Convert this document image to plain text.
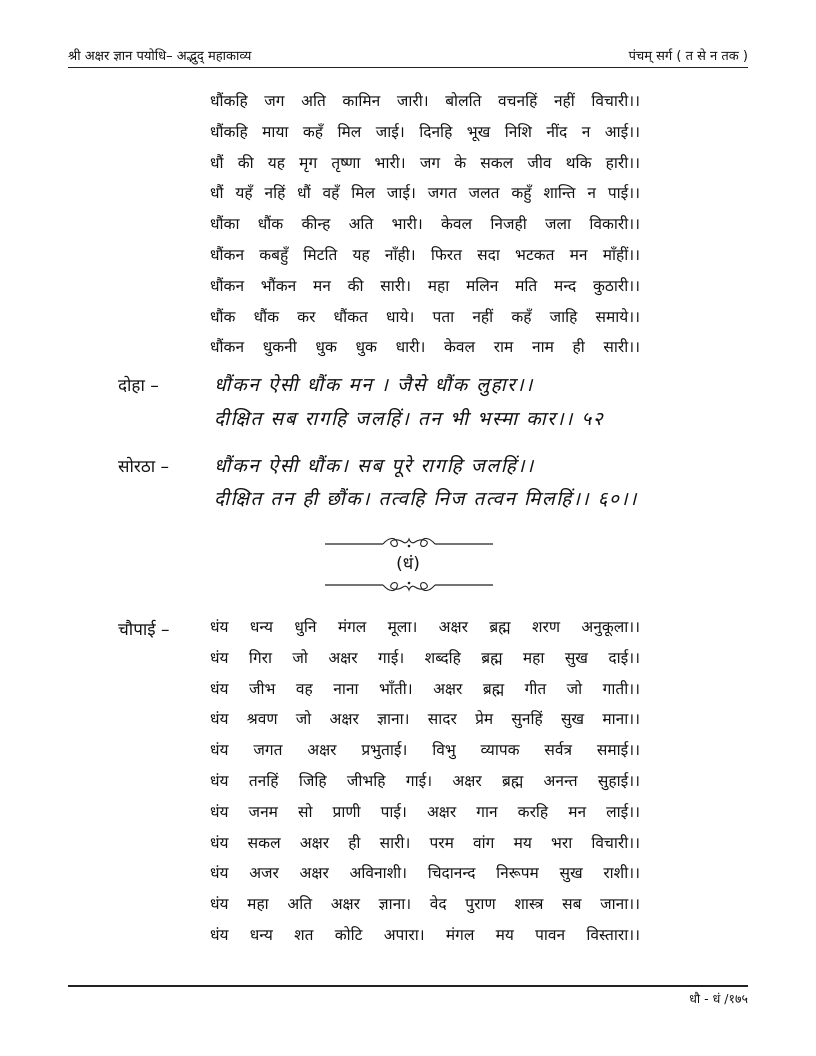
श्री अक्षर ज्ञान पयोधि– अद्भुद् महाकाव्य	पंचम् सर्ग ( त से न तक )
धौंकहि जग अति कामिन जारी। बोलति वचनहिं नहीं विचारी।।
धौंकहि माया कहँ मिल जाई। दिनहि भूख निशि नींद न आई।।
धौं की यह मृग तृष्णा भारी। जग के सकल जीव थकि हारी।।
धौं यहँ नहिं धौं वहँ मिल जाई। जगत जलत कहुँ शान्ति न पाई।।
धौंका धौंक कीन्ह अति भारी। केवल निजही जला विकारी।।
धौंकन कबहुँ मिटति यह नाँही। फिरत सदा भटकत मन माँहीं।।
धौंकन भौंकन मन की सारी। महा मलिन मति मन्द कुठारी।।
धौंक धौंक कर धौंकत धाये। पता नहीं कहँ जाहि समाये।।
धौंकन धुकनी धुक धुक धारी। केवल राम नाम ही सारी।।
दोहा –	धौंकन ऐसी धौंक मन । जैसे धौंक लुहार।।
दीक्षित सब रागहि जलहिं। तन भी भस्मा कार।। ५२
सोरठा – धौंकन ऐसी धौंक। सब पूरे रागहि जलहिं।।
दीक्षित तन ही छौंक। तत्वहि निज तत्वन मिलहिं।। ६०।।
(धं)
चौपाई –	धंय धन्य धुनि मंगल मूला। अक्षर ब्रह्म शरण अनुकूला।।
धंय गिरा जो अक्षर गाई। शब्दहि ब्रह्म महा सुख दाई।।
धंय जीभ वह नाना भाँती। अक्षर ब्रह्म गीत जो गाती।।
धंय श्रवण जो अक्षर ज्ञाना। सादर प्रेम सुनहिं सुख माना।।
धंय जगत अक्षर प्रभुताई। विभु व्यापक सर्वत्र समाई।।
धंय तनहिं जिहि जीभहि गाई। अक्षर ब्रह्म अनन्त सुहाई।।
धंय जनम सो प्राणी पाई। अक्षर गान करहि मन लाई।।
धंय सकल अक्षर ही सारी। परम वांग मय भरा विचारी।।
धंय अजर अक्षर अविनाशी। चिदानन्द निरूपम सुख राशी।।
धंय महा अति अक्षर ज्ञाना। वेद पुराण शास्त्र सब जाना।।
धंय धन्य शत कोटि अपारा। मंगल मय पावन विस्तारा।।
धौ - धं /१७५
